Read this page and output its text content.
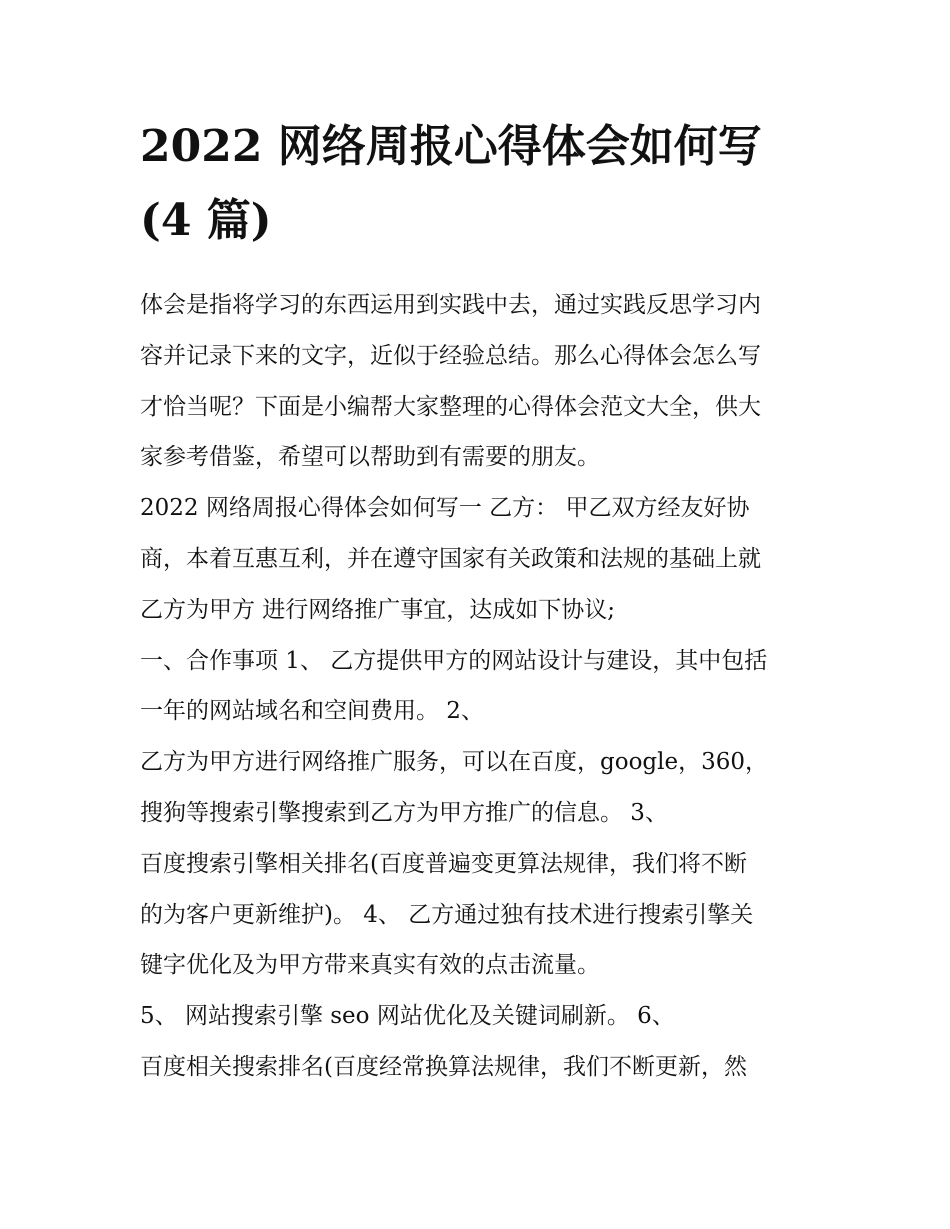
2022 网络周报心得体会如何写
(4 篇)

体会是指将学习的东西运用到实践中去，通过实践反思学习内
容并记录下来的文字，近似于经验总结。那么心得体会怎么写
才恰当呢？下面是小编帮大家整理的心得体会范文大全，供大
家参考借鉴，希望可以帮助到有需要的朋友。

2022 网络周报心得体会如何写一 乙方： 甲乙双方经友好协
商，本着互惠互利，并在遵守国家有关政策和法规的基础上就
乙方为甲方 进行网络推广事宜，达成如下协议;

一、合作事项 1、 乙方提供甲方的网站设计与建设，其中包括
一年的网站域名和空间费用。 2、

乙方为甲方进行网络推广服务，可以在百度，google，360，
搜狗等搜索引擎搜索到乙方为甲方推广的信息。 3、

百度搜索引擎相关排名(百度普遍变更算法规律，我们将不断
的为客户更新维护)。 4、 乙方通过独有技术进行搜索引擎关
键字优化及为甲方带来真实有效的点击流量。

5、 网站搜索引擎 seo 网站优化及关键词刷新。 6、

百度相关搜索排名(百度经常换算法规律，我们不断更新，然
